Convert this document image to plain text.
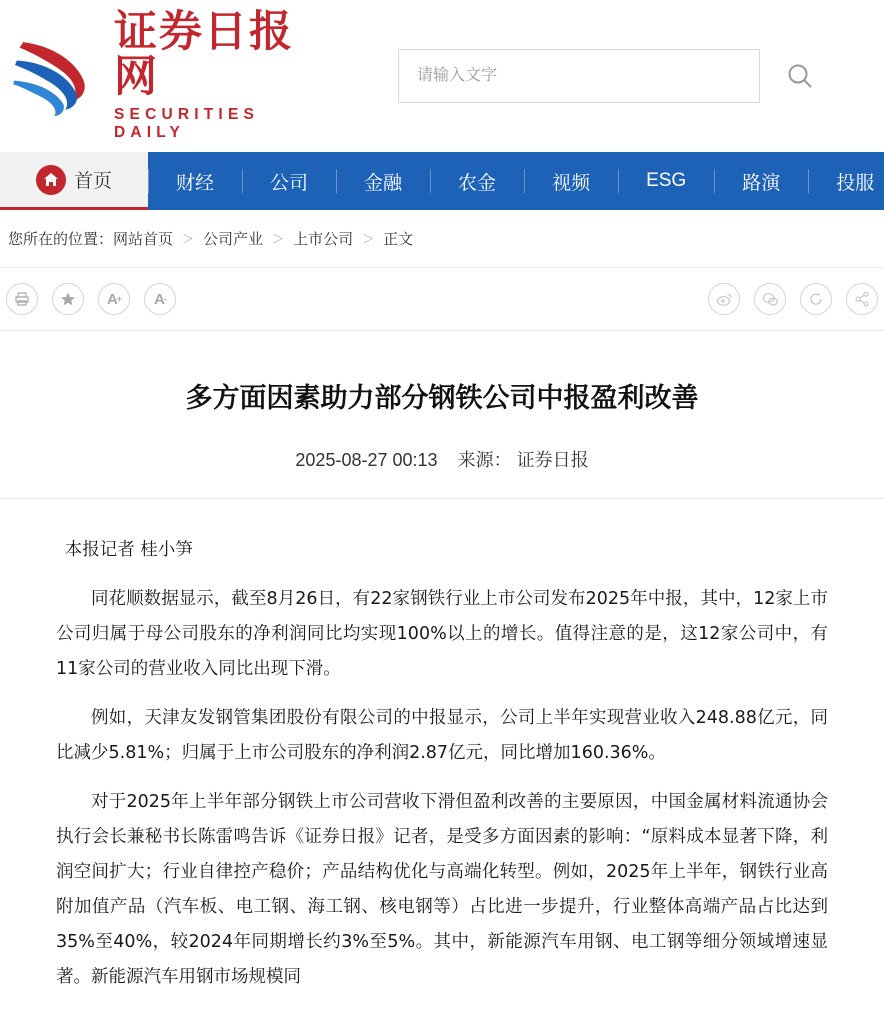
证券日报网
SECURITIES DAILY
请输入文字
首页	财经	公司	金融	农金	视频	ESG	路演	投服
您所在的位置： 网站首页 ＞ 公司产业 ＞ 上市公司 ＞ 正文
A +	A -
多方面因素助力部分钢铁公司中报盈利改善
2025-08-27 00:13 来源： 证券日报

本报记者 桂小笋

同花顺数据显示，截至8月26日，有22家钢铁行业上市公司发布2025年中报，其中，12家上市公司归属于母公司股东的净利润同比均实现100%以上的增长。值得注意的是，这12家公司中，有11家公司的营业收入同比出现下滑。

例如，天津友发钢管集团股份有限公司的中报显示，公司上半年实现营业收入248.88亿元，同比减少5.81%；归属于上市公司股东的净利润2.87亿元，同比增加160.36%。

对于2025年上半年部分钢铁上市公司营收下滑但盈利改善的主要原因，中国金属材料流通协会执行会长兼秘书长陈雷鸣告诉《证券日报》记者，是受多方面因素的影响：“原料成本显著下降，利润空间扩大；行业自律控产稳价；产品结构优化与高端化转型。例如，2025年上半年，钢铁行业高附加值产品（汽车板、电工钢、海工钢、核电钢等）占比进一步提升，行业整体高端产品占比达到35%至40%，较2024年同期增长约3%至5%。其中，新能源汽车用钢、电工钢等细分领域增速显著。新能源汽车用钢市场规模同
